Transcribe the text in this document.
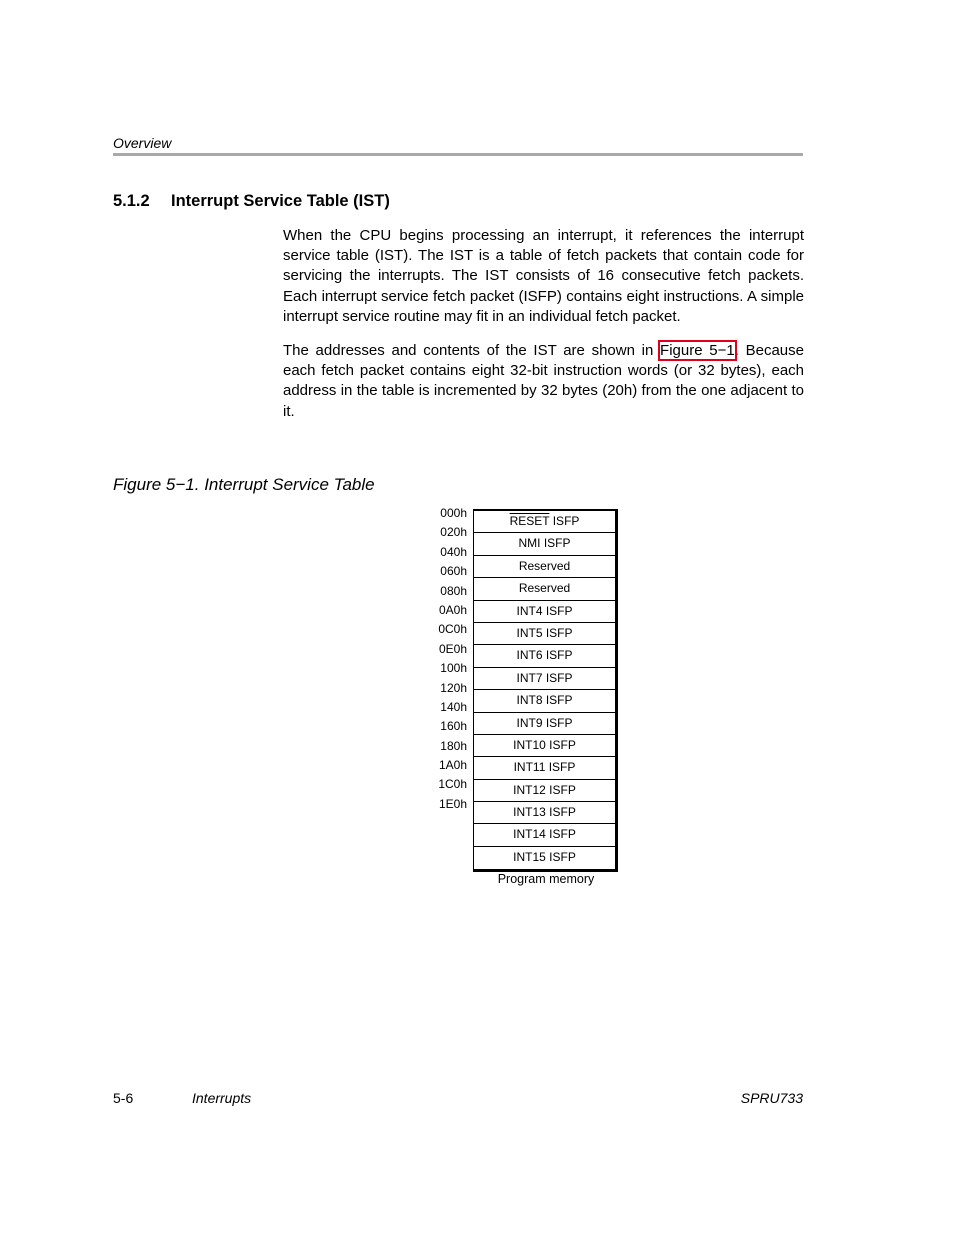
Overview
5.1.2 Interrupt Service Table (IST)

When the CPU begins processing an interrupt, it references the interrupt service table (IST). The IST is a table of fetch packets that contain code for servicing the interrupts. The IST consists of 16 consecutive fetch packets. Each interrupt service fetch packet (ISFP) contains eight instructions. A simple interrupt service routine may fit in an individual fetch packet.

The addresses and contents of the IST are shown in Figure 5−1. Because each fetch packet contains eight 32-bit instruction words (or 32 bytes), each address in the table is incremented by 32 bytes (20h) from the one adjacent to it.

Figure 5−1. Interrupt Service Table
000h
020h
040h
060h
080h
0A0h
0C0h
0E0h
100h
120h
140h
160h
180h
1A0h
1C0h
1E0h
RESET ISFP
NMI ISFP
Reserved
Reserved
INT4 ISFP
INT5 ISFP
INT6 ISFP
INT7 ISFP
INT8 ISFP
INT9 ISFP
INT10 ISFP
INT11 ISFP
INT12 ISFP
INT13 ISFP
INT14 ISFP
INT15 ISFP
Program memory
5-6	Interrupts	SPRU733
